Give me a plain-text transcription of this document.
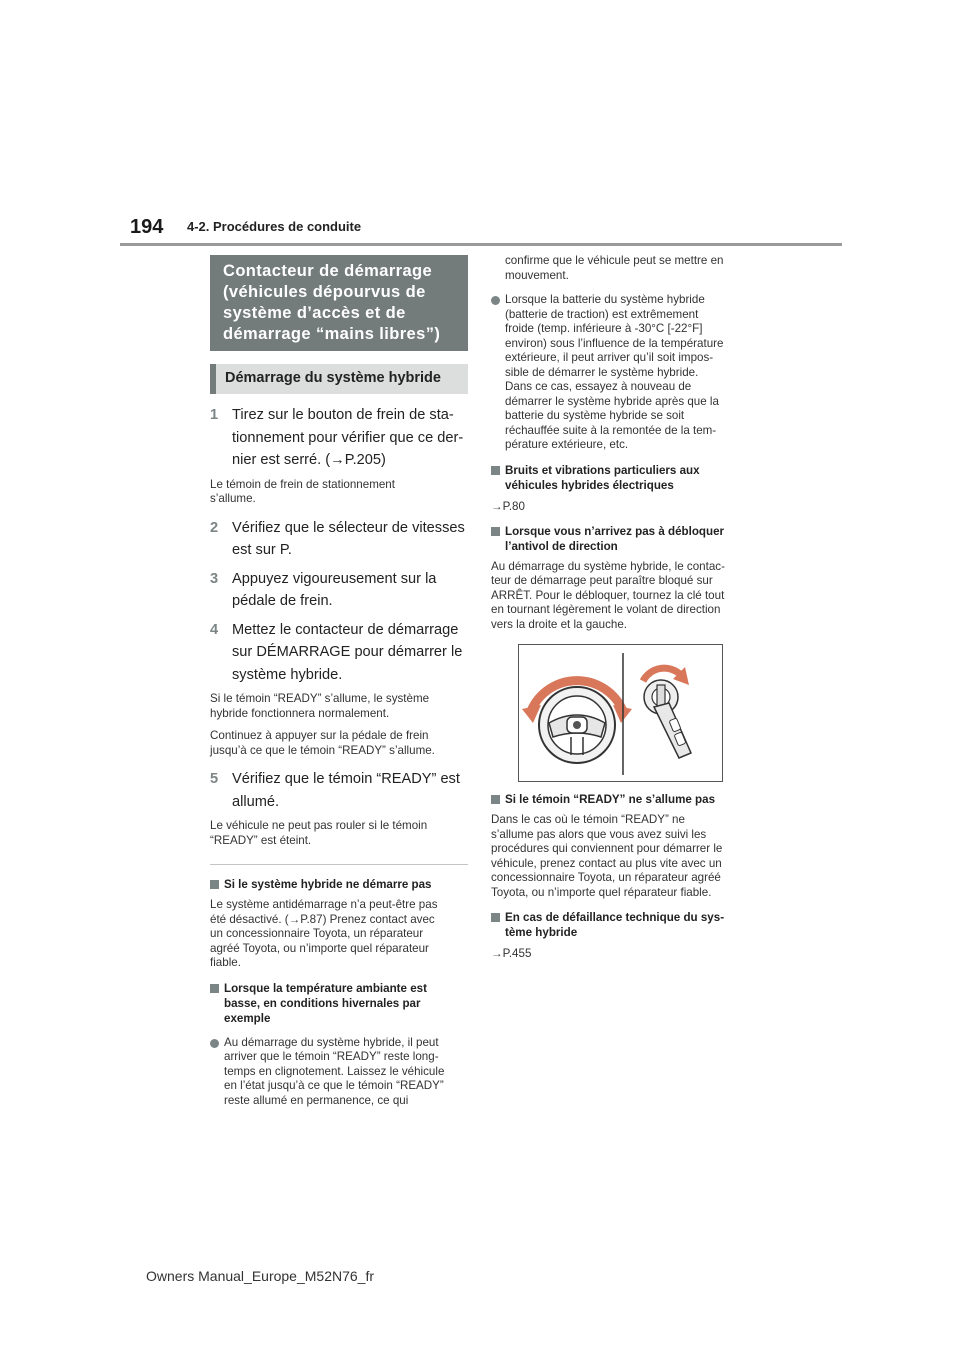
194 4-2. Procédures de conduite
Contacteur de démarrage
(véhicules dépourvus de
système d’accès et de
démarrage “mains libres”)
Démarrage du système hybride
1 Tirez sur le bouton de frein de sta-
tionnement pour vérifier que ce der-
nier est serré. (→P.205)
Le témoin de frein de stationnement
s’allume.
2 Vérifiez que le sélecteur de vitesses
est sur P.
3 Appuyez vigoureusement sur la
pédale de frein.
4 Mettez le contacteur de démarrage
sur DÉMARRAGE pour démarrer le
système hybride.
Si le témoin “READY” s’allume, le système
hybride fonctionnera normalement.
Continuez à appuyer sur la pédale de frein
jusqu’à ce que le témoin “READY” s’allume.
5 Vérifiez que le témoin “READY” est
allumé.
Le véhicule ne peut pas rouler si le témoin
“READY” est éteint.
Si le système hybride ne démarre pas
Le système antidémarrage n’a peut-être pas
été désactivé. (→P.87) Prenez contact avec
un concessionnaire Toyota, un réparateur
agréé Toyota, ou n’importe quel réparateur
fiable.
Lorsque la température ambiante est
basse, en conditions hivernales par
exemple
Au démarrage du système hybride, il peut
arriver que le témoin “READY” reste long-
temps en clignotement. Laissez le véhicule
en l’état jusqu’à ce que le témoin “READY”
reste allumé en permanence, ce qui
confirme que le véhicule peut se mettre en
mouvement.
Lorsque la batterie du système hybride
(batterie de traction) est extrêmement
froide (temp. inférieure à -30°C [-22°F]
environ) sous l’influence de la température
extérieure, il peut arriver qu’il soit impos-
sible de démarrer le système hybride.
Dans ce cas, essayez à nouveau de
démarrer le système hybride après que la
batterie du système hybride se soit
réchauffée suite à la remontée de la tem-
pérature extérieure, etc.
Bruits et vibrations particuliers aux
véhicules hybrides électriques
→P.80
Lorsque vous n’arrivez pas à débloquer
l’antivol de direction
Au démarrage du système hybride, le contac-
teur de démarrage peut paraître bloqué sur
ARRÊT. Pour le débloquer, tournez la clé tout
en tournant légèrement le volant de direction
vers la droite et la gauche.
Si le témoin “READY” ne s’allume pas
Dans le cas où le témoin “READY” ne
s’allume pas alors que vous avez suivi les
procédures qui conviennent pour démarrer le
véhicule, prenez contact au plus vite avec un
concessionnaire Toyota, un réparateur agréé
Toyota, ou n’importe quel réparateur fiable.
En cas de défaillance technique du sys-
tème hybride
→P.455
Owners Manual_Europe_M52N76_fr
